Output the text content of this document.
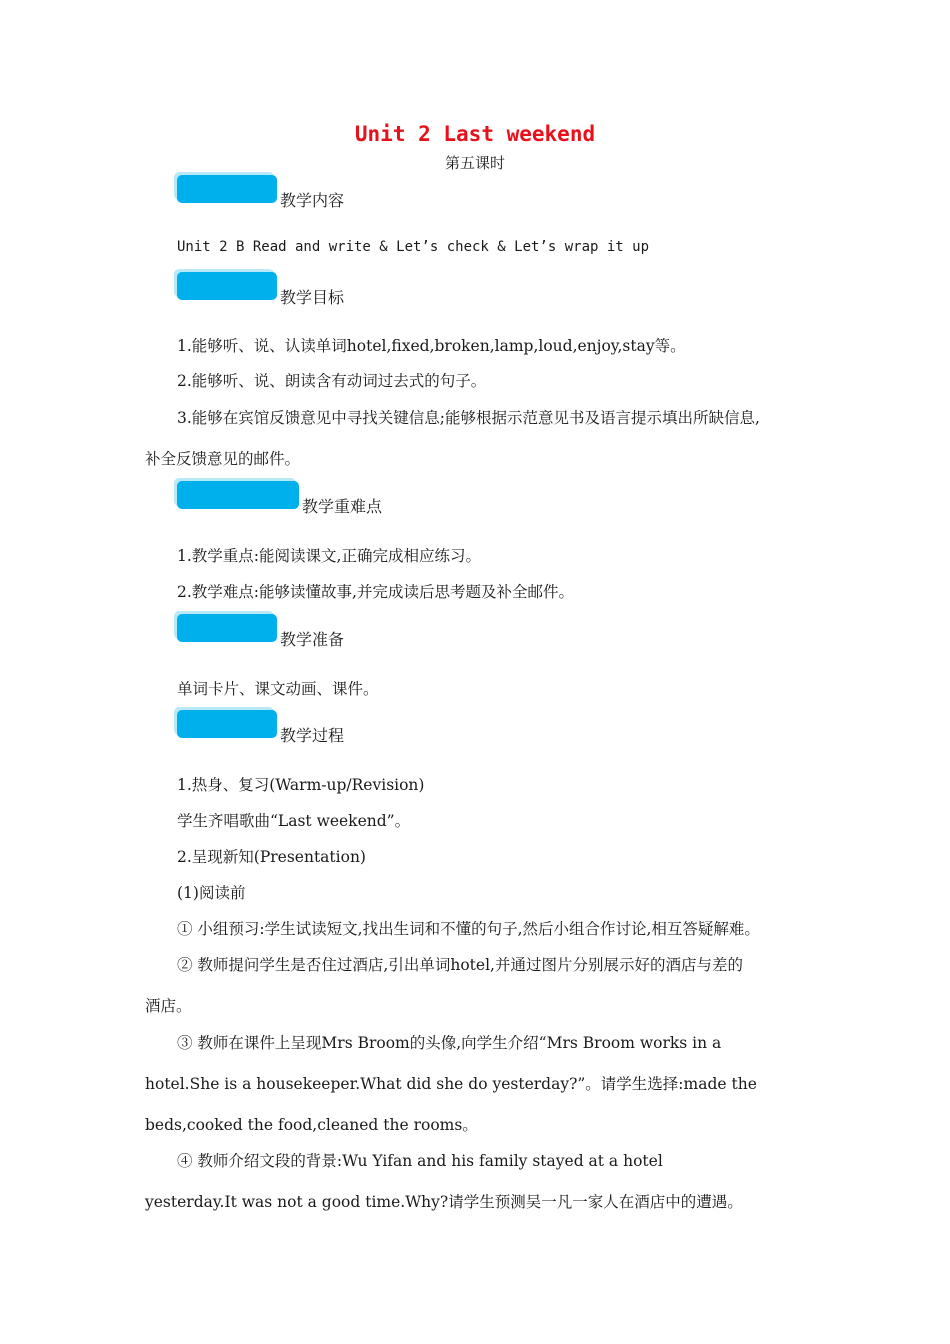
Unit 2 Last weekend
第五课时
教学内容
Unit 2 B Read and write & Let’s check & Let’s wrap it up
教学目标
1.能够听、说、认读单词hotel,fixed,broken,lamp,loud,enjoy,stay等。
2.能够听、说、朗读含有动词过去式的句子。
3.能够在宾馆反馈意见中寻找关键信息;能够根据示范意见书及语言提示填出所缺信息,
补全反馈意见的邮件。
教学重难点
1.教学重点:能阅读课文,正确完成相应练习。
2.教学难点:能够读懂故事,并完成读后思考题及补全邮件。
教学准备
单词卡片、课文动画、课件。
教学过程
1.热身、复习(Warm-up/Revision)
学生齐唱歌曲“Last weekend”。
2.呈现新知(Presentation)
(1)阅读前
① 小组预习:学生试读短文,找出生词和不懂的句子,然后小组合作讨论,相互答疑解难。
② 教师提问学生是否住过酒店,引出单词hotel,并通过图片分别展示好的酒店与差的
酒店。
③ 教师在课件上呈现Mrs Broom的头像,向学生介绍“Mrs Broom works in a
hotel.She is a housekeeper.What did she do yesterday?”。请学生选择:made the
beds,cooked the food,cleaned the rooms。
④ 教师介绍文段的背景:Wu Yifan and his family stayed at a hotel
yesterday.It was not a good time.Why?请学生预测吴一凡一家人在酒店中的遭遇。
